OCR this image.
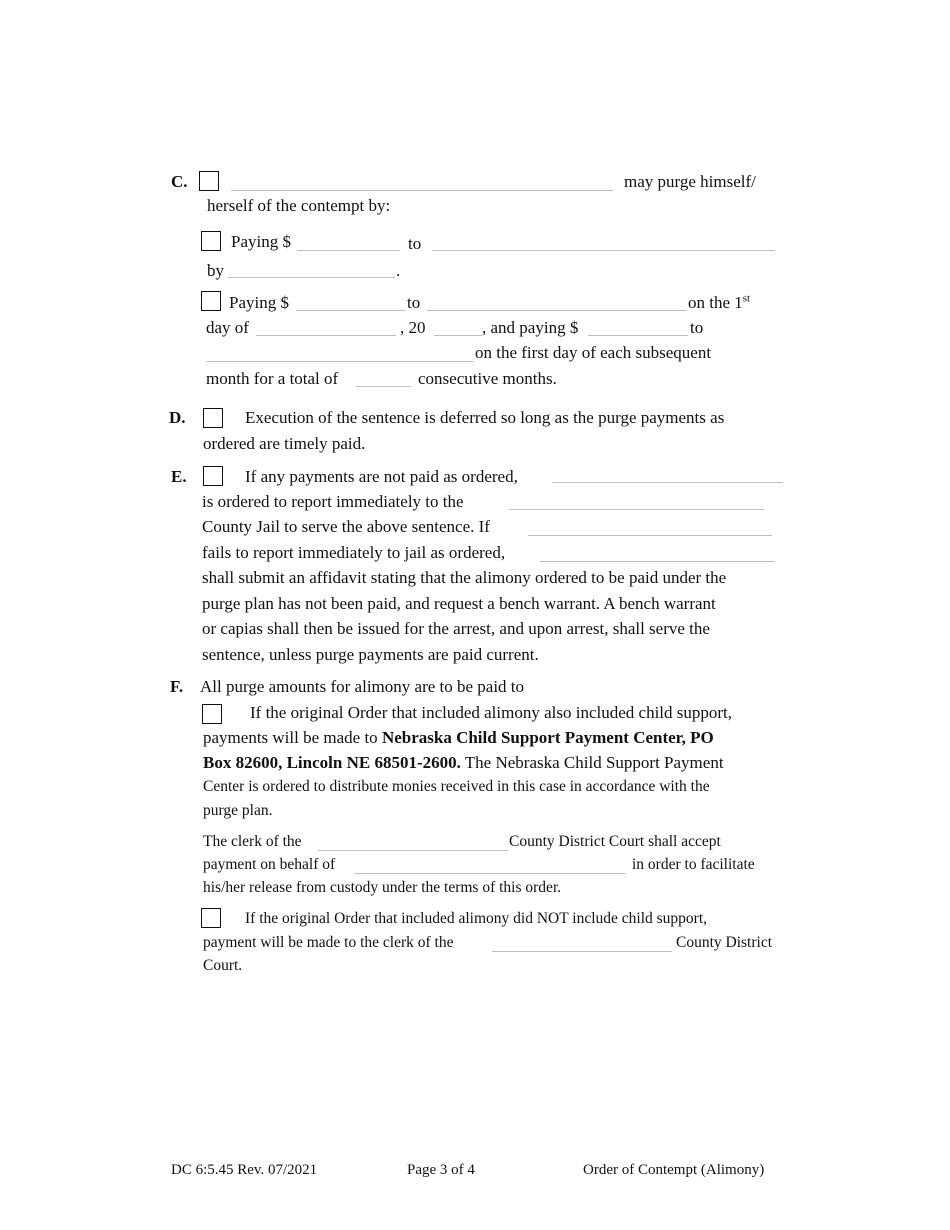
C.	may purge himself/
herself of the contempt by:
Paying $	to
by	.
Paying $	to	on the 1st
day of	, 20	, and paying $	to
on the first day of each subsequent
month for a total of	consecutive months.
D.	Execution of the sentence is deferred so long as the purge payments as
ordered are timely paid.
E.	If any payments are not paid as ordered,
is ordered to report immediately to the
County Jail to serve the above sentence. If
fails to report immediately to jail as ordered,
shall submit an affidavit stating that the alimony ordered to be paid under the
purge plan has not been paid, and request a bench warrant. A bench warrant
or capias shall then be issued for the arrest, and upon arrest, shall serve the
sentence, unless purge payments are paid current.
F. All purge amounts for alimony are to be paid to
If the original Order that included alimony also included child support,
payments will be made to Nebraska Child Support Payment Center, PO
Box 82600, Lincoln NE 68501-2600. The Nebraska Child Support Payment
Center is ordered to distribute monies received in this case in accordance with the
purge plan.
The clerk of the	County District Court shall accept
payment on behalf of	in order to facilitate
his/her release from custody under the terms of this order.
If the original Order that included alimony did NOT include child support,
payment will be made to the clerk of the	County District
Court.
DC 6:5.45 Rev. 07/2021	Page 3 of 4	Order of Contempt (Alimony)
